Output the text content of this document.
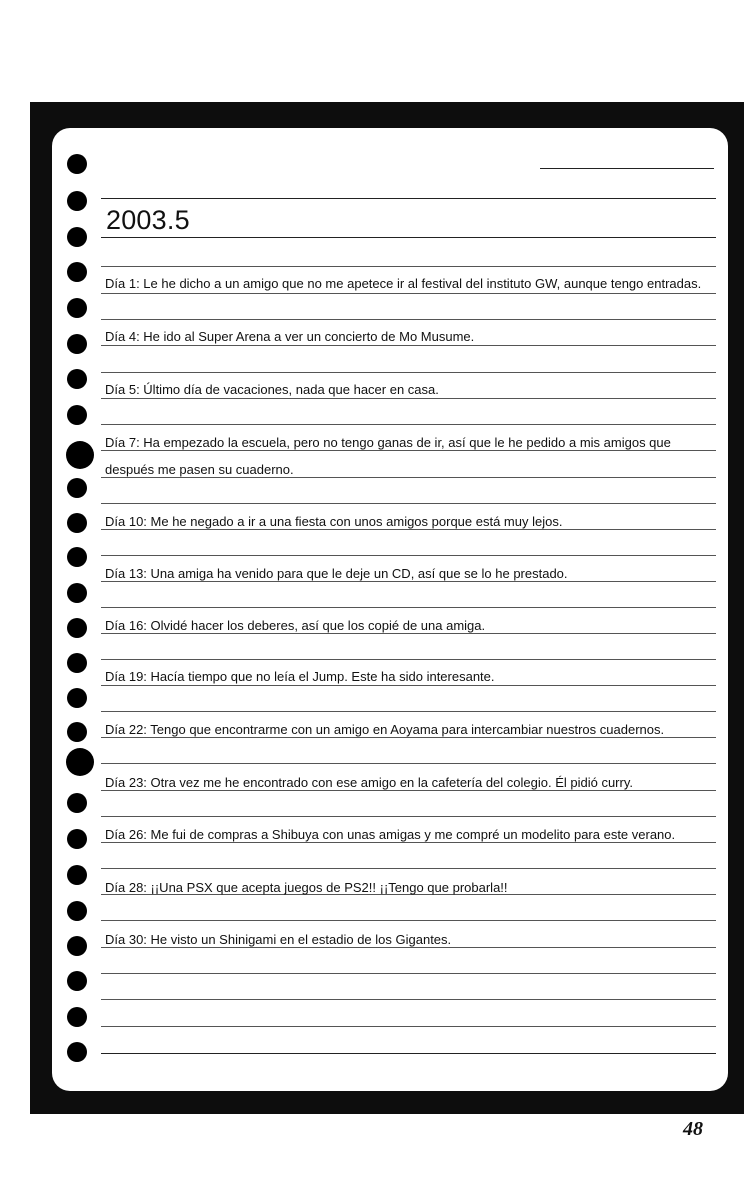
2003.5
Día 1: Le he dicho a un amigo que no me apetece ir al festival del instituto GW, aunque tengo entradas.
Día 4: He ido al Super Arena a ver un concierto de Mo Musume.
Día 5: Último día de vacaciones, nada que hacer en casa.
Día 7: Ha empezado la escuela, pero no tengo ganas de ir, así que le he pedido a mis amigos que
después me pasen su cuaderno.
Día 10: Me he negado a ir a una fiesta con unos amigos porque está muy lejos.
Día 13: Una amiga ha venido para que le deje un CD, así que se lo he prestado.
Día 16: Olvidé hacer los deberes, así que los copié de una amiga.
Día 19: Hacía tiempo que no leía el Jump. Este ha sido interesante.
Día 22: Tengo que encontrarme con un amigo en Aoyama para intercambiar nuestros cuadernos.
Día 23: Otra vez me he encontrado con ese amigo en la cafetería del colegio. Él pidió curry.
Día 26: Me fui de compras a Shibuya con unas amigas y me compré un modelito para este verano.
Día 28: ¡¡Una PSX que acepta juegos de PS2!! ¡¡Tengo que probarla!!
Día 30: He visto un Shinigami en el estadio de los Gigantes.
48
